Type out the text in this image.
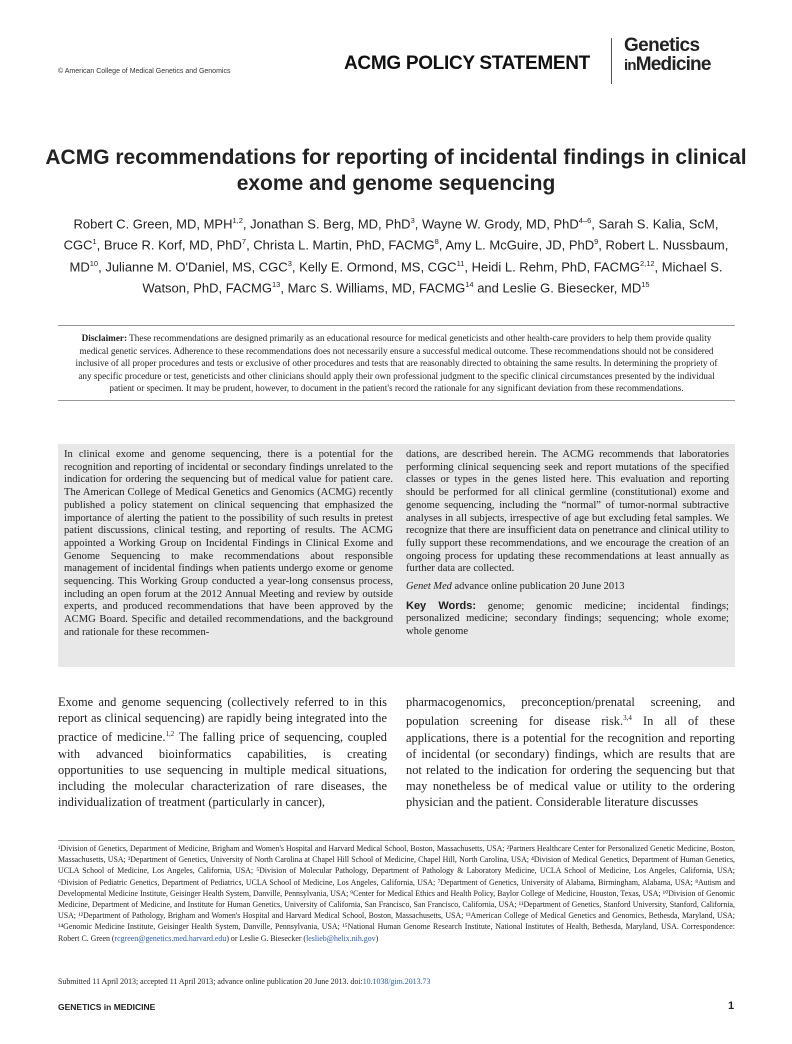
© American College of Medical Genetics and Genomics	ACMG POLICY STATEMENT
Genetics
inMedicine
ACMG recommendations for reporting of incidental findings in clinical exome and genome sequencing
Robert C. Green, MD, MPH$^{1,2}$, Jonathan S. Berg, MD, PhD$^3$, Wayne W. Grody, MD, PhD$^{4-6}$, Sarah S. Kalia, ScM, CGC$^1$, Bruce R. Korf, MD, PhD$^7$, Christa L. Martin, PhD, FACMG$^8$, Amy L. McGuire, JD, PhD$^9$, Robert L. Nussbaum, MD$^{10}$, Julianne M. O'Daniel, MS, CGC$^3$, Kelly E. Ormond, MS, CGC$^{11}$, Heidi L. Rehm, PhD, FACMG$^{2,12}$, Michael S. Watson, PhD, FACMG$^{13}$, Marc S. Williams, MD, FACMG$^{14}$ and Leslie G. Biesecker, MD$^{15}$
Disclaimer: These recommendations are designed primarily as an educational resource for medical geneticists and other health-care providers to help them provide quality medical genetic services. Adherence to these recommendations does not necessarily ensure a successful medical outcome. These recommendations should not be considered inclusive of all proper procedures and tests or exclusive of other procedures and tests that are reasonably directed to obtaining the same results. In determining the propriety of any specific procedure or test, geneticists and other clinicians should apply their own professional judgment to the specific clinical circumstances presented by the individual patient or specimen. It may be prudent, however, to document in the patient's record the rationale for any significant deviation from these recommendations.
In clinical exome and genome sequencing, there is a potential for the recognition and reporting of incidental or secondary findings unrelated to the indication for ordering the sequencing but of medical value for patient care. The American College of Medical Genetics and Genomics (ACMG) recently published a policy statement on clinical sequencing that emphasized the importance of alerting the patient to the possibility of such results in pretest patient discussions, clinical testing, and reporting of results. The ACMG appointed a Working Group on Incidental Findings in Clinical Exome and Genome Sequencing to make recommendations about responsible management of incidental findings when patients undergo exome or genome sequencing. This Working Group conducted a year-long consensus process, including an open forum at the 2012 Annual Meeting and review by outside experts, and produced recommendations that have been approved by the ACMG Board. Specific and detailed recommendations, and the background and rationale for these recommen-
dations, are described herein. The ACMG recommends that laboratories performing clinical sequencing seek and report mutations of the specified classes or types in the genes listed here. This evaluation and reporting should be performed for all clinical germline (constitutional) exome and genome sequencing, including the “normal” of tumor-normal subtractive analyses in all subjects, irrespective of age but excluding fetal samples. We recognize that there are insufficient data on penetrance and clinical utility to fully support these recommendations, and we encourage the creation of an ongoing process for updating these recommendations at least annually as further data are collected.
Genet Med advance online publication 20 June 2013
Key Words: genome; genomic medicine; incidental findings; personalized medicine; secondary findings; sequencing; whole exome; whole genome
Exome and genome sequencing (collectively referred to in this report as clinical sequencing) are rapidly being integrated into the practice of medicine.$^{1,2}$ The falling price of sequencing, coupled with advanced bioinformatics capabilities, is creating opportunities to use sequencing in multiple medical situations, including the molecular characterization of rare diseases, the individualization of treatment (particularly in cancer),
pharmacogenomics, preconception/prenatal screening, and population screening for disease risk.$^{3,4}$ In all of these applications, there is a potential for the recognition and reporting of incidental (or secondary) findings, which are results that are not related to the indication for ordering the sequencing but that may nonetheless be of medical value or utility to the ordering physician and the patient. Considerable literature discusses
¹Division of Genetics, Department of Medicine, Brigham and Women's Hospital and Harvard Medical School, Boston, Massachusetts, USA; ²Partners Healthcare Center for Personalized Genetic Medicine, Boston, Massachusetts, USA; ³Department of Genetics, University of North Carolina at Chapel Hill School of Medicine, Chapel Hill, North Carolina, USA; ⁴Division of Medical Genetics, Department of Human Genetics, UCLA School of Medicine, Los Angeles, California, USA; ⁵Division of Molecular Pathology, Department of Pathology & Laboratory Medicine, UCLA School of Medicine, Los Angeles, California, USA; ⁶Division of Pediatric Genetics, Department of Pediatrics, UCLA School of Medicine, Los Angeles, California, USA; ⁷Department of Genetics, University of Alabama, Birmingham, Alabama, USA; ⁸Autism and Developmental Medicine Institute, Geisinger Health System, Danville, Pennsylvania, USA; ⁹Center for Medical Ethics and Health Policy, Baylor College of Medicine, Houston, Texas, USA; ¹⁰Division of Genomic Medicine, Department of Medicine, and Institute for Human Genetics, University of California, San Francisco, San Francisco, California, USA; ¹¹Department of Genetics, Stanford University, Stanford, California, USA; ¹²Department of Pathology, Brigham and Women's Hospital and Harvard Medical School, Boston, Massachusetts, USA; ¹³American College of Medical Genetics and Genomics, Bethesda, Maryland, USA; ¹⁴Genomic Medicine Institute, Geisinger Health System, Danville, Pennsylvania, USA; ¹⁵National Human Genome Research Institute, National Institutes of Health, Bethesda, Maryland, USA. Correspondence: Robert C. Green (rcgreen@genetics.med.harvard.edu) or Leslie G. Biesecker (leslieb@helix.nih.gov)
Submitted 11 April 2013; accepted 11 April 2013; advance online publication 20 June 2013. doi:10.1038/gim.2013.73
GENETICS in MEDICINE	1
